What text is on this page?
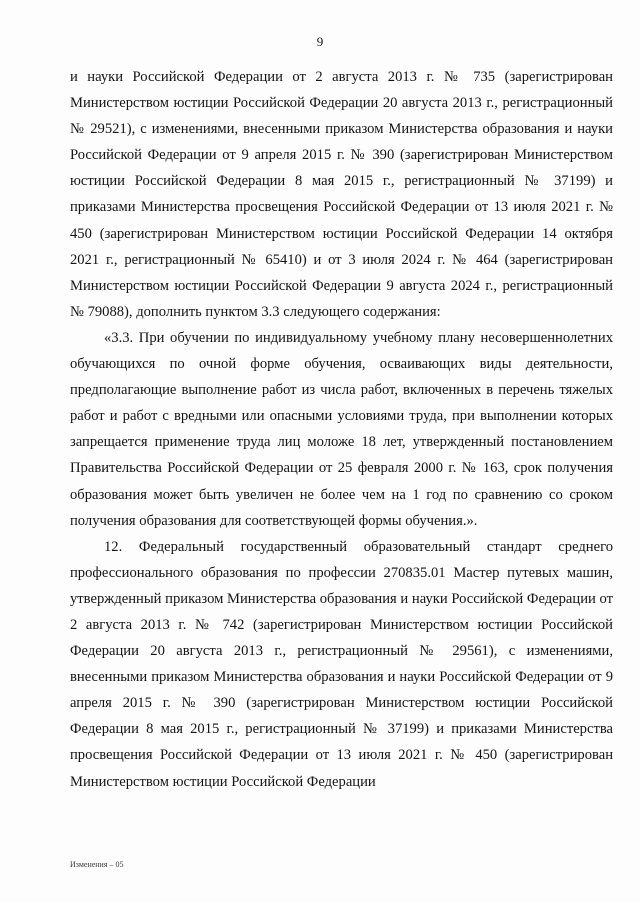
9

и науки Российской Федерации от 2 августа 2013 г. № 735 (зарегистрирован Министерством юстиции Российской Федерации 20 августа 2013 г., регистрационный № 29521), с изменениями, внесенными приказом Министерства образования и науки Российской Федерации от 9 апреля 2015 г. № 390 (зарегистрирован Министерством юстиции Российской Федерации 8 мая 2015 г., регистрационный № 37199) и приказами Министерства просвещения Российской Федерации от 13 июля 2021 г. № 450 (зарегистрирован Министерством юстиции Российской Федерации 14 октября 2021 г., регистрационный № 65410) и от 3 июля 2024 г. № 464 (зарегистрирован Министерством юстиции Российской Федерации 9 августа 2024 г., регистрационный № 79088), дополнить пунктом 3.3 следующего содержания:

«3.3. При обучении по индивидуальному учебному плану несовершеннолетних обучающихся по очной форме обучения, осваивающих виды деятельности, предполагающие выполнение работ из числа работ, включенных в перечень тяжелых работ и работ с вредными или опасными условиями труда, при выполнении которых запрещается применение труда лиц моложе 18 лет, утвержденный постановлением Правительства Российской Федерации от 25 февраля 2000 г. № 163, срок получения образования может быть увеличен не более чем на 1 год по сравнению со сроком получения образования для соответствующей формы обучения.».

12. Федеральный государственный образовательный стандарт среднего профессионального образования по профессии 270835.01 Мастер путевых машин, утвержденный приказом Министерства образования и науки Российской Федерации от 2 августа 2013 г. № 742 (зарегистрирован Министерством юстиции Российской Федерации 20 августа 2013 г., регистрационный № 29561), с изменениями, внесенными приказом Министерства образования и науки Российской Федерации от 9 апреля 2015 г. № 390 (зарегистрирован Министерством юстиции Российской Федерации 8 мая 2015 г., регистрационный № 37199) и приказами Министерства просвещения Российской Федерации от 13 июля 2021 г. № 450 (зарегистрирован Министерством юстиции Российской Федерации

Изменения – 05
